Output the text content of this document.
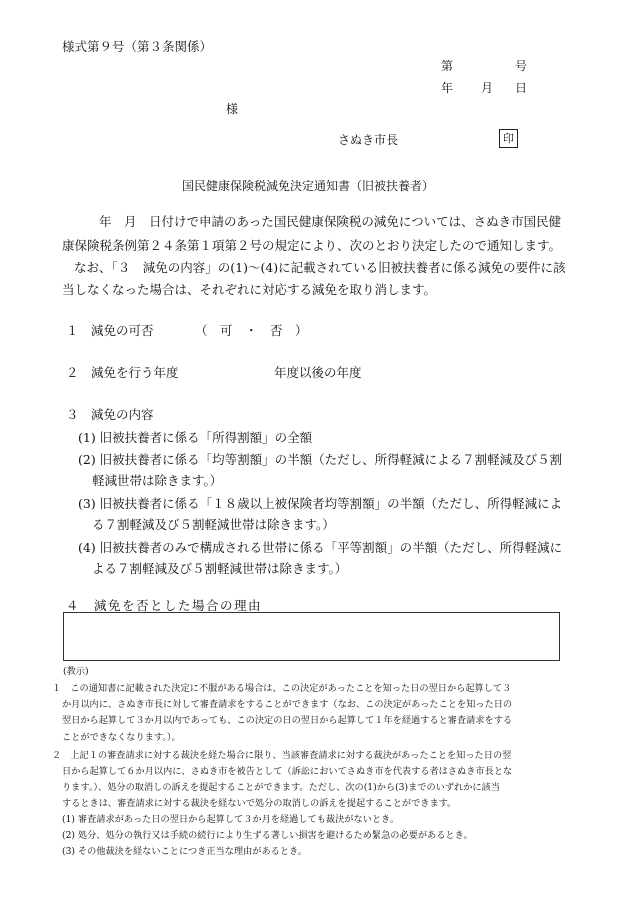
様式第９号（第３条関係）
第	号
年 月 日
様
さぬき市長	印
国民健康保険税減免決定通知書（旧被扶養者）
年　月　日付けで申請のあった国民健康保険税の減免については、さぬき市国民健
康保険税条例第２４条第１項第２号の規定により、次のとおり決定したので通知します。
なお、「３　減免の内容」の(1)～(4)に記載されている旧被扶養者に係る減免の要件に該
当しなくなった場合は、それぞれに対応する減免を取り消します。
１　減免の可否	（　可　・　否　）
２　減免を行う年度	年度以後の年度
３　減免の内容
(1) 旧被扶養者に係る「所得割額」の全額
(2) 旧被扶養者に係る「均等割額」の半額（ただし、所得軽減による７割軽減及び５割
軽減世帯は除きます。）
(3) 旧被扶養者に係る「１８歳以上被保険者均等割額」の半額（ただし、所得軽減によ
る７割軽減及び５割軽減世帯は除きます。）
(4) 旧被扶養者のみで構成される世帯に係る「平等割額」の半額（ただし、所得軽減に
よる７割軽減及び５割軽減世帯は除きます。）
４　減免を否とした場合の理由
(教示)
１　この通知書に記載された決定に不服がある場合は、この決定があったことを知った日の翌日から起算して３
か月以内に、さぬき市長に対して審査請求をすることができます（なお、この決定があったことを知った日の
翌日から起算して３か月以内であっても、この決定の日の翌日から起算して１年を経過すると審査請求をする
ことができなくなります。）。
２　上記１の審査請求に対する裁決を経た場合に限り、当該審査請求に対する裁決があったことを知った日の翌
日から起算して６か月以内に、さぬき市を被告として（訴訟においてさぬき市を代表する者はさぬき市長とな
ります。）、処分の取消しの訴えを提起することができます。ただし、次の(1)から(3)までのいずれかに該当
するときは、審査請求に対する裁決を経ないで処分の取消しの訴えを提起することができます。
(1) 審査請求があった日の翌日から起算して３か月を経過しても裁決がないとき。
(2) 処分、処分の執行又は手続の続行により生ずる著しい損害を避けるため緊急の必要があるとき。
(3) その他裁決を経ないことにつき正当な理由があるとき。
